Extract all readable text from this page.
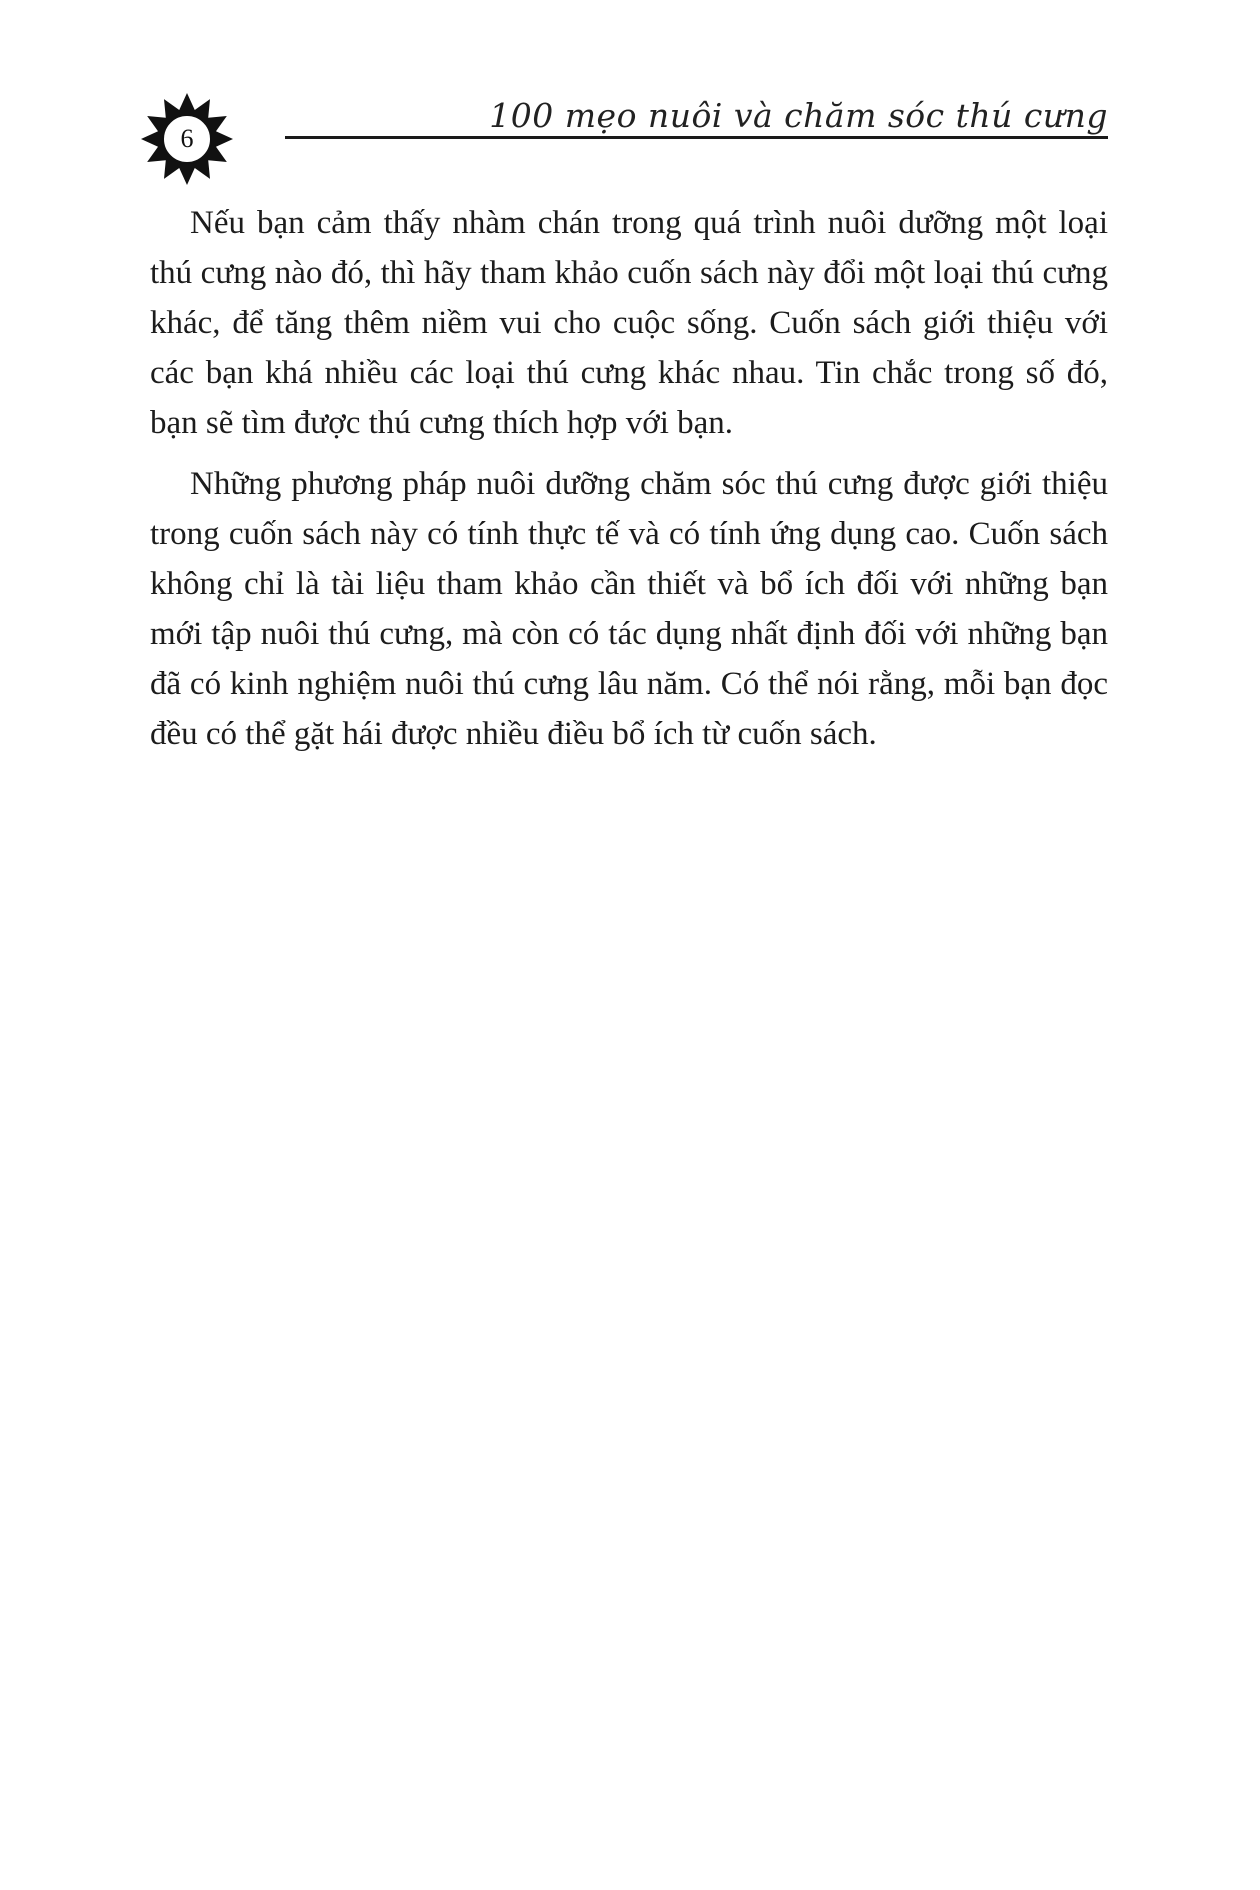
6
100 mẹo nuôi và chăm sóc thú cưng

Nếu bạn cảm thấy nhàm chán trong quá trình nuôi dưỡng một loại thú cưng nào đó, thì hãy tham khảo cuốn sách này đổi một loại thú cưng khác, để tăng thêm niềm vui cho cuộc sống. Cuốn sách giới thiệu với các bạn khá nhiều các loại thú cưng khác nhau. Tin chắc trong số đó, bạn sẽ tìm được thú cưng thích hợp với bạn.

Những phương pháp nuôi dưỡng chăm sóc thú cưng được giới thiệu trong cuốn sách này có tính thực tế và có tính ứng dụng cao. Cuốn sách không chỉ là tài liệu tham khảo cần thiết và bổ ích đối với những bạn mới tập nuôi thú cưng, mà còn có tác dụng nhất định đối với những bạn đã có kinh nghiệm nuôi thú cưng lâu năm. Có thể nói rằng, mỗi bạn đọc đều có thể gặt hái được nhiều điều bổ ích từ cuốn sách.
